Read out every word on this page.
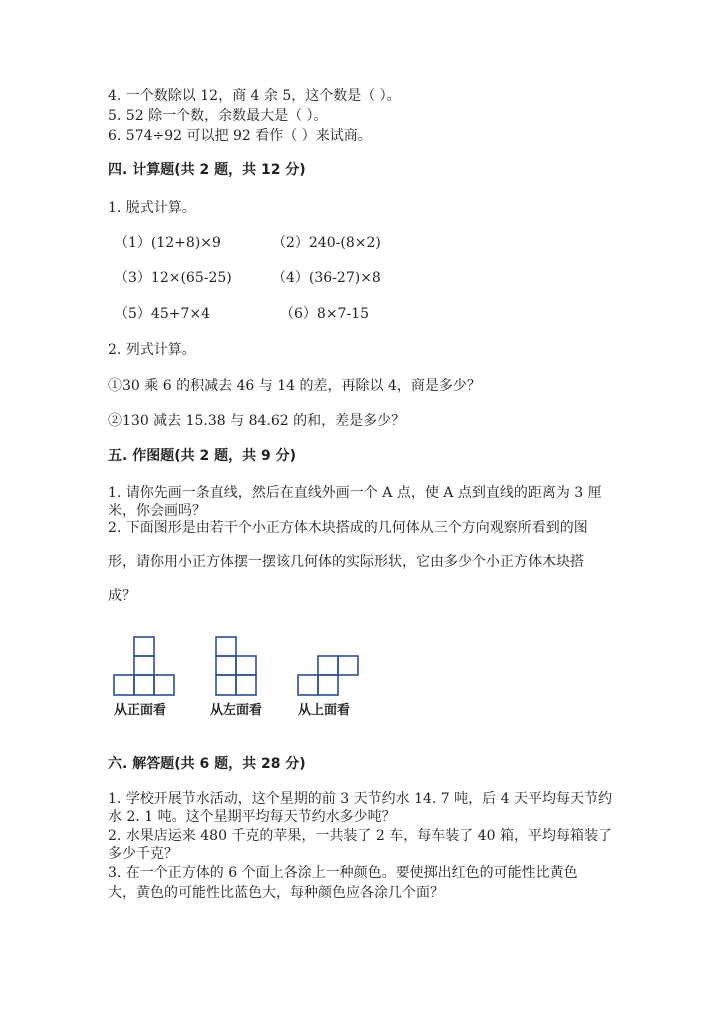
4. 一个数除以 12，商 4 余 5，这个数是（ ）。
5. 52 除一个数，余数最大是（ ）。
6. 574÷92 可以把 92 看作（ ）来试商。
四. 计算题(共 2 题，共 12 分)
1. 脱式计算。
（1）(12+8)×9	（2）240-(8×2)
（3）12×(65-25)	（4）(36-27)×8
（5）45+7×4	（6）8×7-15
2. 列式计算。
①30 乘 6 的积减去 46 与 14 的差，再除以 4，商是多少？
②130 减去 15.38 与 84.62 的和，差是多少？
五. 作图题(共 2 题，共 9 分)
1. 请你先画一条直线，然后在直线外画一个 A 点，使 A 点到直线的距离为 3 厘
米，你会画吗？
2. 下面图形是由若干个小正方体木块搭成的几何体从三个方向观察所看到的图
形，请你用小正方体摆一摆该几何体的实际形状，它由多少个小正方体木块搭
成？
从正面看	从左面看	从上面看
六. 解答题(共 6 题，共 28 分)
1. 学校开展节水活动，这个星期的前 3 天节约水 14. 7 吨，后 4 天平均每天节约
水 2. 1 吨。这个星期平均每天节约水多少吨？
2. 水果店运来 480 千克的苹果，一共装了 2 车，每车装了 40 箱，平均每箱装了
多少千克？
3. 在一个正方体的 6 个面上各涂上一种颜色。要使掷出红色的可能性比黄色
大，黄色的可能性比蓝色大，每种颜色应各涂几个面？
